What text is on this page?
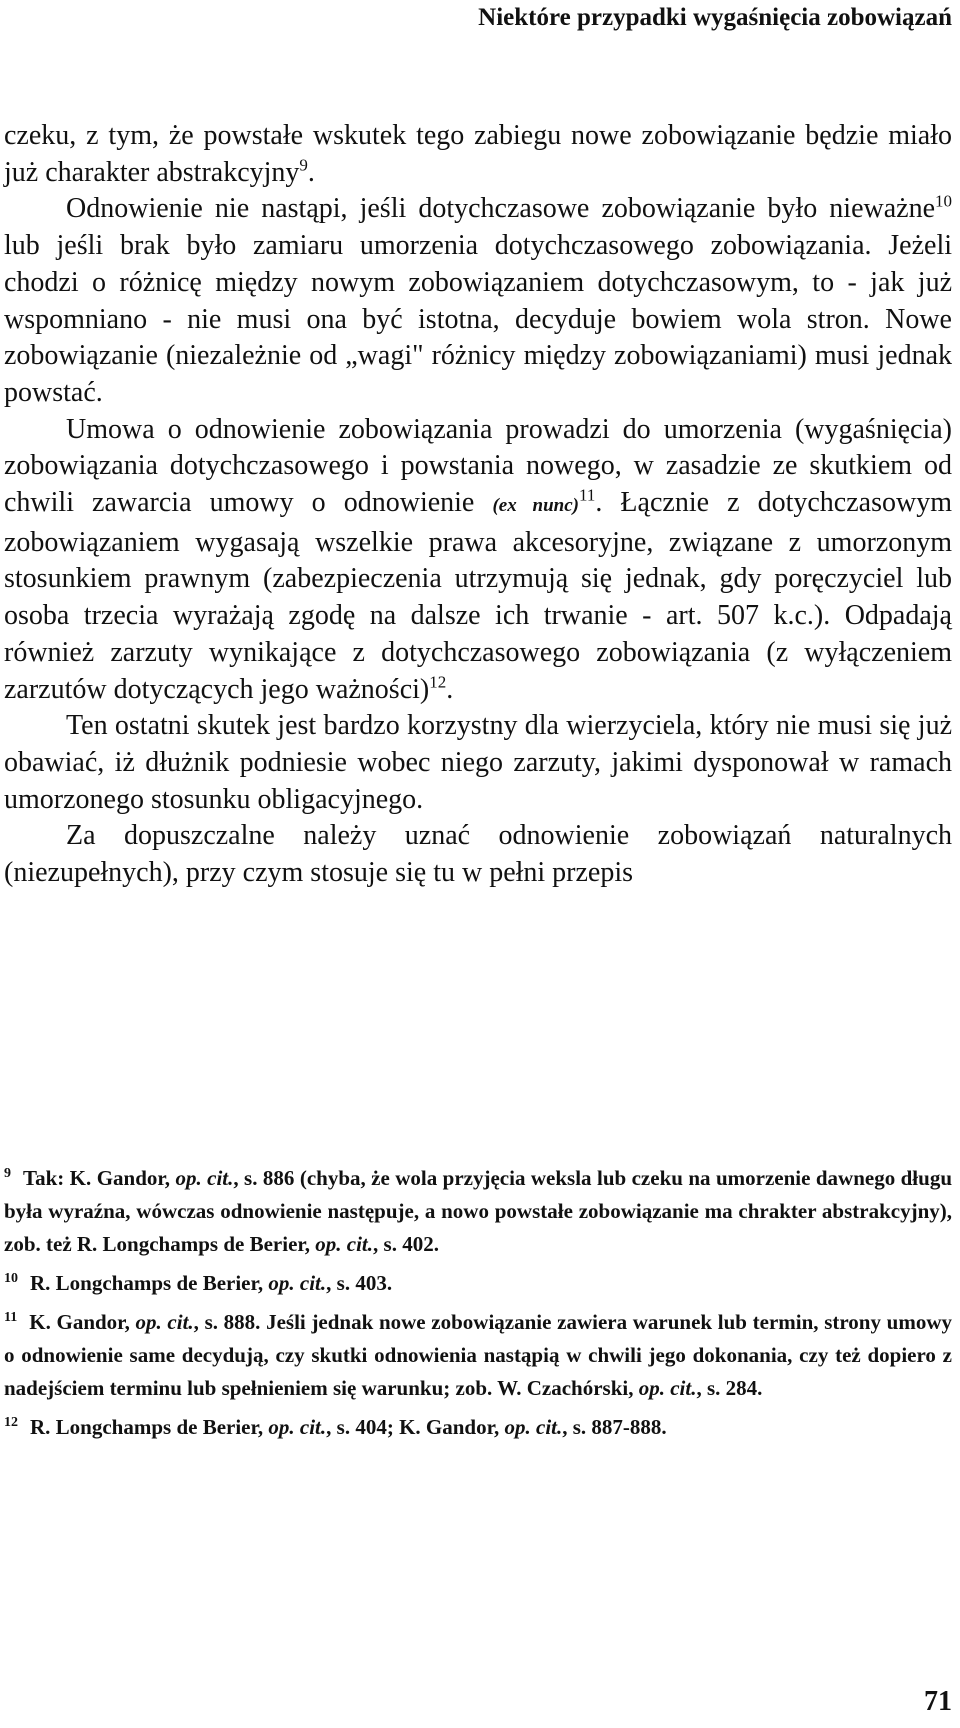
Niektóre przypadki wygaśnięcia zobowiązań

czeku, z tym, że powstałe wskutek tego zabiegu nowe zobowiązanie będzie miało już charakter abstrakcyjny$^9$.

Odnowienie nie nastąpi, jeśli dotychczasowe zobowiązanie było nieważne$^{10}$ lub jeśli brak było zamiaru umorzenia dotychczasowego zobowiązania. Jeżeli chodzi o różnicę między nowym zobowiązaniem dotychczasowym, to - jak już wspomniano - nie musi ona być istotna, decyduje bowiem wola stron. Nowe zobowiązanie (niezależnie od „wagi" różnicy między zobowiązaniami) musi jednak powstać.

Umowa o odnowienie zobowiązania prowadzi do umorzenia (wygaśnięcia) zobowiązania dotychczasowego i powstania nowego, w zasadzie ze skutkiem od chwili zawarcia umowy o odnowienie (ex nunc)$^{11}$. Łącznie z dotychczasowym zobowiązaniem wygasają wszelkie prawa akcesoryjne, związane z umorzonym stosunkiem prawnym (zabezpieczenia utrzymują się jednak, gdy poręczyciel lub osoba trzecia wyrażają zgodę na dalsze ich trwanie - art. 507 k.c.). Odpadają również zarzuty wynikające z dotychczasowego zobowiązania (z wyłączeniem zarzutów dotyczących jego ważności)$^{12}$.

Ten ostatni skutek jest bardzo korzystny dla wierzyciela, który nie musi się już obawiać, iż dłużnik podniesie wobec niego zarzuty, jakimi dysponował w ramach umorzonego stosunku obligacyjnego.

Za dopuszczalne należy uznać odnowienie zobowiązań naturalnych (niezupełnych), przy czym stosuje się tu w pełni przepis

$^9$ Tak: K. Gandor, op. cit., s. 886 (chyba, że wola przyjęcia weksla lub czeku na umorzenie dawnego długu była wyraźna, wówczas odnowienie następuje, a nowo powstałe zobowiązanie ma chrakter abstrakcyjny), zob. też R. Longchamps de Berier, op. cit., s. 402.
$^{10}$ R. Longchamps de Berier, op. cit., s. 403.
$^{11}$ K. Gandor, op. cit., s. 888. Jeśli jednak nowe zobowiązanie zawiera warunek lub termin, strony umowy o odnowienie same decydują, czy skutki odnowienia nastąpią w chwili jego dokonania, czy też dopiero z nadejściem terminu lub spełnieniem się warunku; zob. W. Czachórski, op. cit., s. 284.
$^{12}$ R. Longchamps de Berier, op. cit., s. 404; K. Gandor, op. cit., s. 887-888.
71
